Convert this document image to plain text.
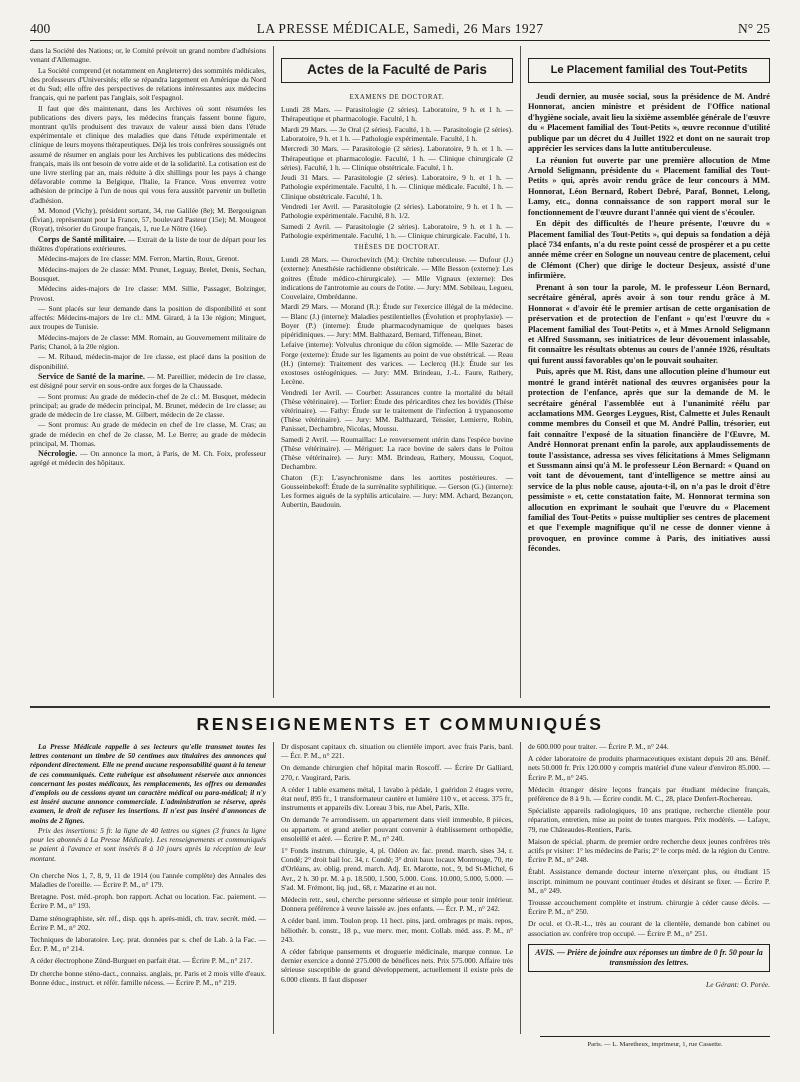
400	LA PRESSE MÉDICALE, Samedi, 26 Mars 1927	N° 25

dans la Société des Nations; or, le Comité prévoit un grand nombre d'adhésions venant d'Allemagne.

La Société comprend (et notamment en Angleterre) des sommités médicales, des professeurs d'Universités; elle se répandra largement en Amérique du Nord et du Sud; elle offre des perspectives de relations intéressantes aux médecins français, qui ne parlent pas l'anglais, soit l'espagnol.

Il faut que dès maintenant, dans les Archives où sont résumées les publications des divers pays, les médecins français fassent bonne figure, montrant qu'ils produisent des travaux de valeur aussi bien dans l'étude expérimentale et clinique des maladies que dans l'étude expérimentale et clinique de leurs moyens thérapeutiques. Déjà les trois confrères soussignés ont assumé de résumer en anglais pour les Archives les publications des médecins français, mais ils ont besoin de votre aide et de la solidarité. La cotisation est de une livre sterling par an, mais réduite à dix shillings pour les pays à change défavorable comme la Belgique, l'Italie, la France. Vous enverrez votre adhésion de principe à l'un de nous qui vous fera aussitôt parvenir un bulletin d'adhésion.

M. Monod (Vichy), président sortant, 34, rue Galilée (8e); M. Bergouignan (Évian), représentant pour la France, 57, boulevard Pasteur (15e); M. Mougeot (Royat), trésorier du Groupe français, 1, rue Le Nôtre (16e).

Corps de Santé militaire. — Extrait de la liste de tour de départ pour les théâtres d'opérations extérieures.

Médecins-majors de 1re classe: MM. Ferron, Martin, Roux, Grenot.

Médecins-majors de 2e classe: MM. Prunet, Leguay, Brelet, Denis, Sechan, Bousquet.

Médecins aides-majors de 1re classe: MM. Sillie, Passager, Bolzinger, Provost.

— Sont placés sur leur demande dans la position de disponibilité et sont affectés: Médecins-majors de 1re cl.: MM. Girard, à la 13e région; Minguet, aux troupes de Tunisie.

Médecins-majors de 2e classe: MM. Romain, au Gouvernement militaire de Paris; Chanol, à la 20e région.

— M. Ribaud, médecin-major de 1re classe, est placé dans la position de disponibilité.

Service de Santé de la marine. — M. Pareillier, médecin de 1re classe, est désigné pour servir en sous-ordre aux forges de la Chaussade.

— Sont promus: Au grade de médecin-chef de 2e cl.: M. Busquet, médecin principal; au grade de médecin principal, M. Brunet, médecin de 1re classe; au grade de médecin de 1re classe, M. Gilbert, médecin de 2e classe.

— Sont promus: Au grade de médecin en chef de 1re classe, M. Cras; au grade de médecin en chef de 2e classe, M. Le Berre; au grade de médecin principal, M. Thomas.

Nécrologie. — On annonce la mort, à Paris, de M. Ch. Foix, professeur agrégé et médecin des hôpitaux.

Actes de la Faculté de Paris

EXAMENS DE DOCTORAT.

Lundi 28 Mars. — Parasitologie (2 séries). Laboratoire, 9 h. et 1 h. — Thérapeutique et pharmacologie. Faculté, 1 h.

Mardi 29 Mars. — 3e Oral (2 séries). Faculté, 1 h. — Parasitologie (2 séries). Laboratoire, 9 h. et 1 h. — Pathologie expérimentale. Faculté, 1 h.

Mercredi 30 Mars. — Parasitologie (2 séries). Laboratoire, 9 h. et 1 h. — Thérapeutique et pharmacologie. Faculté, 1 h. — Clinique chirurgicale (2 séries). Faculté, 1 h. — Clinique obstétricale. Faculté, 1 h.

Jeudi 31 Mars. — Parasitologie (2 séries). Laboratoire, 9 h. et 1 h. — Pathologie expérimentale. Faculté, 1 h. — Clinique médicale. Faculté, 1 h. — Clinique obstétricale. Faculté, 1 h.

Vendredi 1er Avril. — Parasitologie (2 séries). Laboratoire, 9 h. et 1 h. — Pathologie expérimentale. Faculté, 8 h. 1/2.

Samedi 2 Avril. — Parasitologie (2 séries). Laboratoire, 9 h. et 1 h. — Pathologie expérimentale. Faculté, 1 h. — Clinique chirurgicale. Faculté, 1 h.

THÈSES DE DOCTORAT.

Lundi 28 Mars. — Ourochevitch (M.): Orchite tuberculeuse. — Dufour (J.) (externe): Anesthésie rachidienne obstétricale. — Mlle Besson (externe): Les goitres (Étude médico-chirurgicale). — Mlle Vignaux (externe): Des indications de l'antrotomie au cours de l'otite. — Jury: MM. Sebileau, Legueu, Couvelaire, Ombrédanne.

Mardi 29 Mars. — Morand (R.): Étude sur l'exercice illégal de la médecine. — Blanc (J.) (interne): Maladies pestilentielles (Évolution et prophylaxie). — Boyer (P.) (interne): Étude pharmacodynamique de quelques bases pipéridiniques. — Jury: MM. Balthazard, Bernard, Tiffeneau, Binet.

Lefaive (interne): Volvulus chronique du côlon sigmoïde. — Mlle Sazerac de Forge (externe): Étude sur les ligaments au point de vue obstétrical. — Reau (H.) (interne): Traitement des varices. — Leclercq (H.): Étude sur les exostoses ostéogéniques. — Jury: MM. Brindeau, J.-L. Faure, Rathery, Lecène.

Vendredi 1er Avril. — Courbet: Assurances contre la mortalité du bétail (Thèse vétérinaire). — Torlier: Étude des péricardites chez les bovidés (Thèse vétérinaire). — Fathy: Étude sur le traitement de l'infection à trypanosome (Thèse vétérinaire). — Jury: MM. Balthazard, Teissier, Lemierre, Robin, Panisset, Dechambre, Nicolas, Moussu.

Samedi 2 Avril. — Roumaillac: Le renversement utérin dans l'espèce bovine (Thèse vétérinaire). — Mériguet: La race bovine de salers dans le Poitou (Thèse vétérinaire). — Jury: MM. Brindeau, Rathery, Moussu, Coquot, Dechambre.

Chaton (F.): L'asynchronisme dans les aortites postérieures. — Gousseinbekoff: Étude de la surrénalite syphilitique. — Gerson (G.) (interne): Les formes aiguës de la syphilis articulaire. — Jury: MM. Achard, Bezançon, Aubertin, Baudouin.

Le Placement familial des Tout-Petits

Jeudi dernier, au musée social, sous la présidence de M. André Honnorat, ancien ministre et président de l'Office national d'hygiène sociale, avait lieu la sixième assemblée générale de l'œuvre du « Placement familial des Tout-Petits », œuvre reconnue d'utilité publique par un décret du 4 Juillet 1922 et dont on ne saurait trop apprécier les services dans la lutte antituberculeuse.

La réunion fut ouverte par une première allocution de Mme Arnold Seligmann, présidente du « Placement familial des Tout-Petits » qui, après avoir rendu grâce de leur concours à MM. Honnorat, Léon Bernard, Robert Debré, Paraf, Bonnet, Lelong, Lamy, etc., donna connaissance de son rapport moral sur le fonctionnement de l'œuvre durant l'année qui vient de s'écouler.

En dépit des difficultés de l'heure présente, l'œuvre du « Placement familial des Tout-Petits », qui depuis sa fondation a déjà placé 734 enfants, n'a du reste point cessé de prospérer et a pu cette année même créer en Sologne un nouveau centre de placement, celui de Clémont (Cher) que dirige le docteur Desjeux, assisté d'une infirmière.

Prenant à son tour la parole, M. le professeur Léon Bernard, secrétaire général, après avoir à son tour rendu grâce à M. Honnorat « d'avoir été le premier artisan de cette organisation de préservation et de protection de l'enfant » qu'est l'œuvre du « Placement familial des Tout-Petits », et à Mmes Arnold Seligmann et Alfred Sussmann, ses initiatrices de leur dévouement inlassable, fit connaître les résultats obtenus au cours de l'année 1926, résultats qui furent aussi favorables qu'on le pouvait souhaiter.

Puis, après que M. Rist, dans une allocution pleine d'humour eut montré le grand intérêt national des œuvres organisées pour la protection de l'enfance, après que sur la demande de M. le secrétaire général l'assemblée eut à l'unanimité réélu par acclamations MM. Georges Leygues, Rist, Calmette et Jules Renault comme membres du Conseil et que M. André Pallin, trésorier, eut fait connaître l'exposé de la situation financière de l'Œuvre, M. André Honnorat prenant enfin la parole, aux applaudissements de toute l'assistance, adressa ses vives félicitations à Mmes Seligmann et Sussmann ainsi qu'à M. le professeur Léon Bernard: « Quand on voit tant de dévouement, tant d'intelligence se mettre ainsi au service de la plus noble cause, ajouta-t-il, on n'a pas le droit d'être pessimiste » et, cette constatation faite, M. Honnorat termina son allocution en exprimant le souhait que l'œuvre du « Placement familial des Tout-Petits » puisse multiplier ses centres de placement et que l'exemple magnifique qu'il ne cesse de donner vienne à provoquer, en province comme à Paris, des initiatives aussi fécondes.

RENSEIGNEMENTS ET COMMUNIQUÉS

La Presse Médicale rappelle à ses lecteurs qu'elle transmet toutes les lettres contenant un timbre de 50 centimes aux titulaires des annonces qui répondent directement. Elle ne prend aucune responsabilité quant à la teneur de ces communiqués. Cette rubrique est absolument réservée aux annonces concernant les postes médicaux, les remplacements, les offres ou demandes d'emplois ou de cessions ayant un caractère médical ou para-médical; il n'y est inséré aucune annonce commerciale. L'administration se réserve, après examen, le droit de refuser les insertions. Il n'est pas inséré d'annonces de moins de 2 lignes.

Prix des insertions: 5 fr. la ligne de 40 lettres ou signes (3 francs la ligne pour les abonnés à La Presse Médicale). Les renseignements et communiqués se paient à l'avance et sont insérés 8 à 10 jours après la réception de leur montant.

On cherche Nos 1, 7, 8, 9, 11 de 1914 (ou l'année complète) des Annales des Maladies de l'oreille. — Écrire P. M., n° 179.

Bretagne. Post. méd.-proph. bon rapport. Achat ou location. Fac. paiement. — Écrire P. M., n° 193.

Dame sténographiste, sér. réf., disp. qqs h. après-midi, ch. trav. secrét. méd. — Écrire P. M., n° 202.

Techniques de laboratoire. Leç. prat. données par s. chef de Lab. à la Fac. — Écr. P. M., n° 214.

A céder électrophone Zünd-Burguet en parfait état. — Écrire P. M., n° 217.

Dr cherche bonne sténo-dact., connaiss. anglais, pr. Paris et 2 mois ville d'eaux. Bonne éduc., instruct. et référ. famille nécess. — Écrire P. M., n° 219.

Dr disposant capitaux ch. situation ou clientèle import. avec frais Paris, banl. — Écr. P. M., n° 221.

On demande chirurgien chef hôpital marin Roscoff. — Écrire Dr Galliard, 270, r. Vaugirard, Paris.

A céder 1 table examens métal, 1 lavabo à pédale, 1 guéridon 2 étages verre, état neuf, 895 fr., 1 transformateur cautère et lumière 110 v., et access. 375 fr., instruments et appareils div. Loreau 3 bis, rue Abel, Paris, XIIe.

On demande 7e arrondissem. un appartement dans vieil immeuble, 8 pièces, ou appartem. et grand atelier pouvant convenir à établissement orthopédie, ensoleillé et aéré. — Écrire P. M., n° 240.

1° Fonds instrum. chirurgie, 4, pl. Odéon av. fac. prend. march. sises 34, r. Condé; 2° droit bail loc. 34, r. Condé; 3° droit baux locaux Montrouge, 70, rte d'Orléans, av. oblig. prend. march. Adj. Et. Marotte, not., 9, bd St-Michel, 6 Avr., 2 h. 30 pr. M. à p. 18.500, 1.500, 5.000. Cons. 10.000, 5.000, 5.000. — S'ad. M. Frémont, liq. jud., 68, r. Mazarine et au not.

Médecin retr., seul, cherche personne sérieuse et simple pour tenir intérieur. Donnera préférence à veuve laissée av. jnes enfants. — Écr. P. M., n° 242.

A céder banl. imm. Toulon prop. 11 hect. pins, jard. ombrages pr mais. repos, héliothér. b. constr., 18 p., vue merv. mer, mont. Collab. méd. ass. P. M., n° 243.

A céder fabrique pansements et droguerie médicinale, marque connue. Le dernier exercice a donné 275.000 de bénéfices nets. Prix 575.000. Affaire très sérieuse susceptible de grand développement, actuellement il existe près de 6.000 clients. Il faut disposer

de 600.000 pour traiter. — Écrire P. M., n° 244.

A céder laboratoire de produits pharmaceutiques existant depuis 20 ans. Bénéf. nets 50.000 fr. Prix 120.000 y compris matériel d'une valeur d'environ 85.000. — Écrire P. M., n° 245.

Médecin étranger désire leçons français par étudiant médecine français, préférence de 8 à 9 h. — Écrire condit. M. C., 28, place Denfert-Rochereau.

Spécialiste appareils radiologiques, 10 ans pratique, recherche clientèle pour réparation, entretien, mise au point de toutes marques. Prix modérés. — Lafaye, 79, rue Châteaudes-Rentiers, Paris.

Maison de spécial. pharm. de premier ordre recherche deux jeunes confrères très actifs pr visiter: 1° les médecins de Paris; 2° le corps méd. de la région du Centre. Écrire P. M., n° 248.

Établ. Assistance demande docteur interne n'exerçant plus, ou étudiant 15 inscript. minimum ne pouvant continuer études et désirant se fixer. — Écrire P. M., n° 249.

Trousse accouchement complète et instrum. chirurgie à céder cause décès. — Écrire P. M., n° 250.

Dr ocul. et O.-R.-L., très au courant de la clientèle, demande bon cabinet ou association av. confrère trop occupé. — Écrire P. M., n° 251.

AVIS. — Prière de joindre aux réponses un timbre de 0 fr. 50 pour la transmission des lettres.

Le Gérant: O. Porée.

Paris. — L. Maretheux, imprimeur, 1, rue Cassette.
